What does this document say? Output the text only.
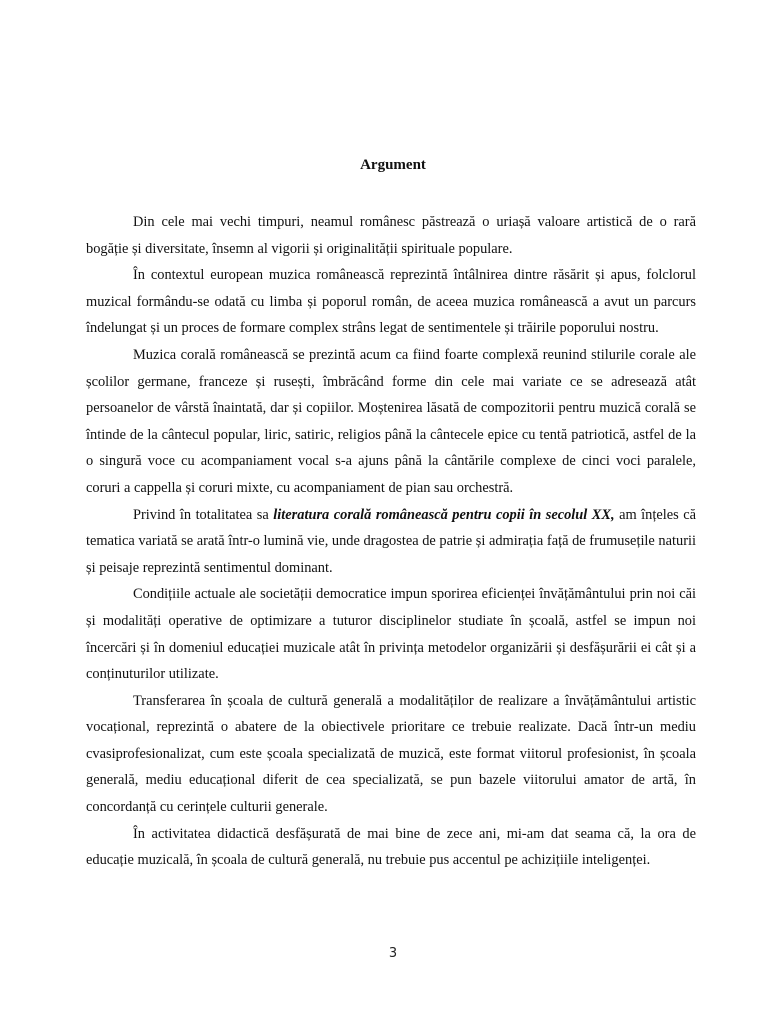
Argument

Din cele mai vechi timpuri, neamul românesc păstrează o uriașă valoare artistică de o rară bogăție și diversitate, însemn al vigorii și originalității spirituale populare.

În contextul european muzica românească reprezintă întâlnirea dintre răsărit și apus, folclorul muzical formându-se odată cu limba și poporul român, de aceea muzica românească a avut un parcurs îndelungat și un proces de formare complex strâns legat de sentimentele și trăirile poporului nostru.

Muzica corală românească se prezintă acum ca fiind foarte complexă reunind stilurile corale ale școlilor germane, franceze și rusești, îmbrăcând forme din cele mai variate ce se adresează atât persoanelor de vârstă înaintată, dar și copiilor. Moștenirea lăsată de compozitorii pentru muzică corală se întinde de la cântecul popular, liric, satiric, religios până la cântecele epice cu tentă patriotică, astfel de la o singură voce cu acompaniament vocal s-a ajuns până la cântările complexe de cinci voci paralele, coruri a cappella și coruri mixte, cu acompaniament de pian sau orchestră.

Privind în totalitatea sa literatura corală românească pentru copii în secolul XX, am înțeles că tematica variată se arată într-o lumină vie, unde dragostea de patrie și admirația față de frumusețile naturii și peisaje reprezintă sentimentul dominant.

Condițiile actuale ale societății democratice impun sporirea eficienței învățământului prin noi căi și modalități operative de optimizare a tuturor disciplinelor studiate în școală, astfel se impun noi încercări și în domeniul educației muzicale atât în privința metodelor organizării și desfășurării ei cât și a conținuturilor utilizate.

Transferarea în școala de cultură generală a modalităților de realizare a învățământului artistic vocațional, reprezintă o abatere de la obiectivele prioritare ce trebuie realizate. Dacă într-un mediu cvasiprofesionalizat, cum este școala specializată de muzică, este format viitorul profesionist, în școala generală, mediu educațional diferit de cea specializată, se pun bazele viitorului amator de artă, în concordanță cu cerințele culturii generale.

În activitatea didactică desfășurată de mai bine de zece ani, mi-am dat seama că, la ora de educație muzicală, în școala de cultură generală, nu trebuie pus accentul pe achizițiile inteligenței.

3
